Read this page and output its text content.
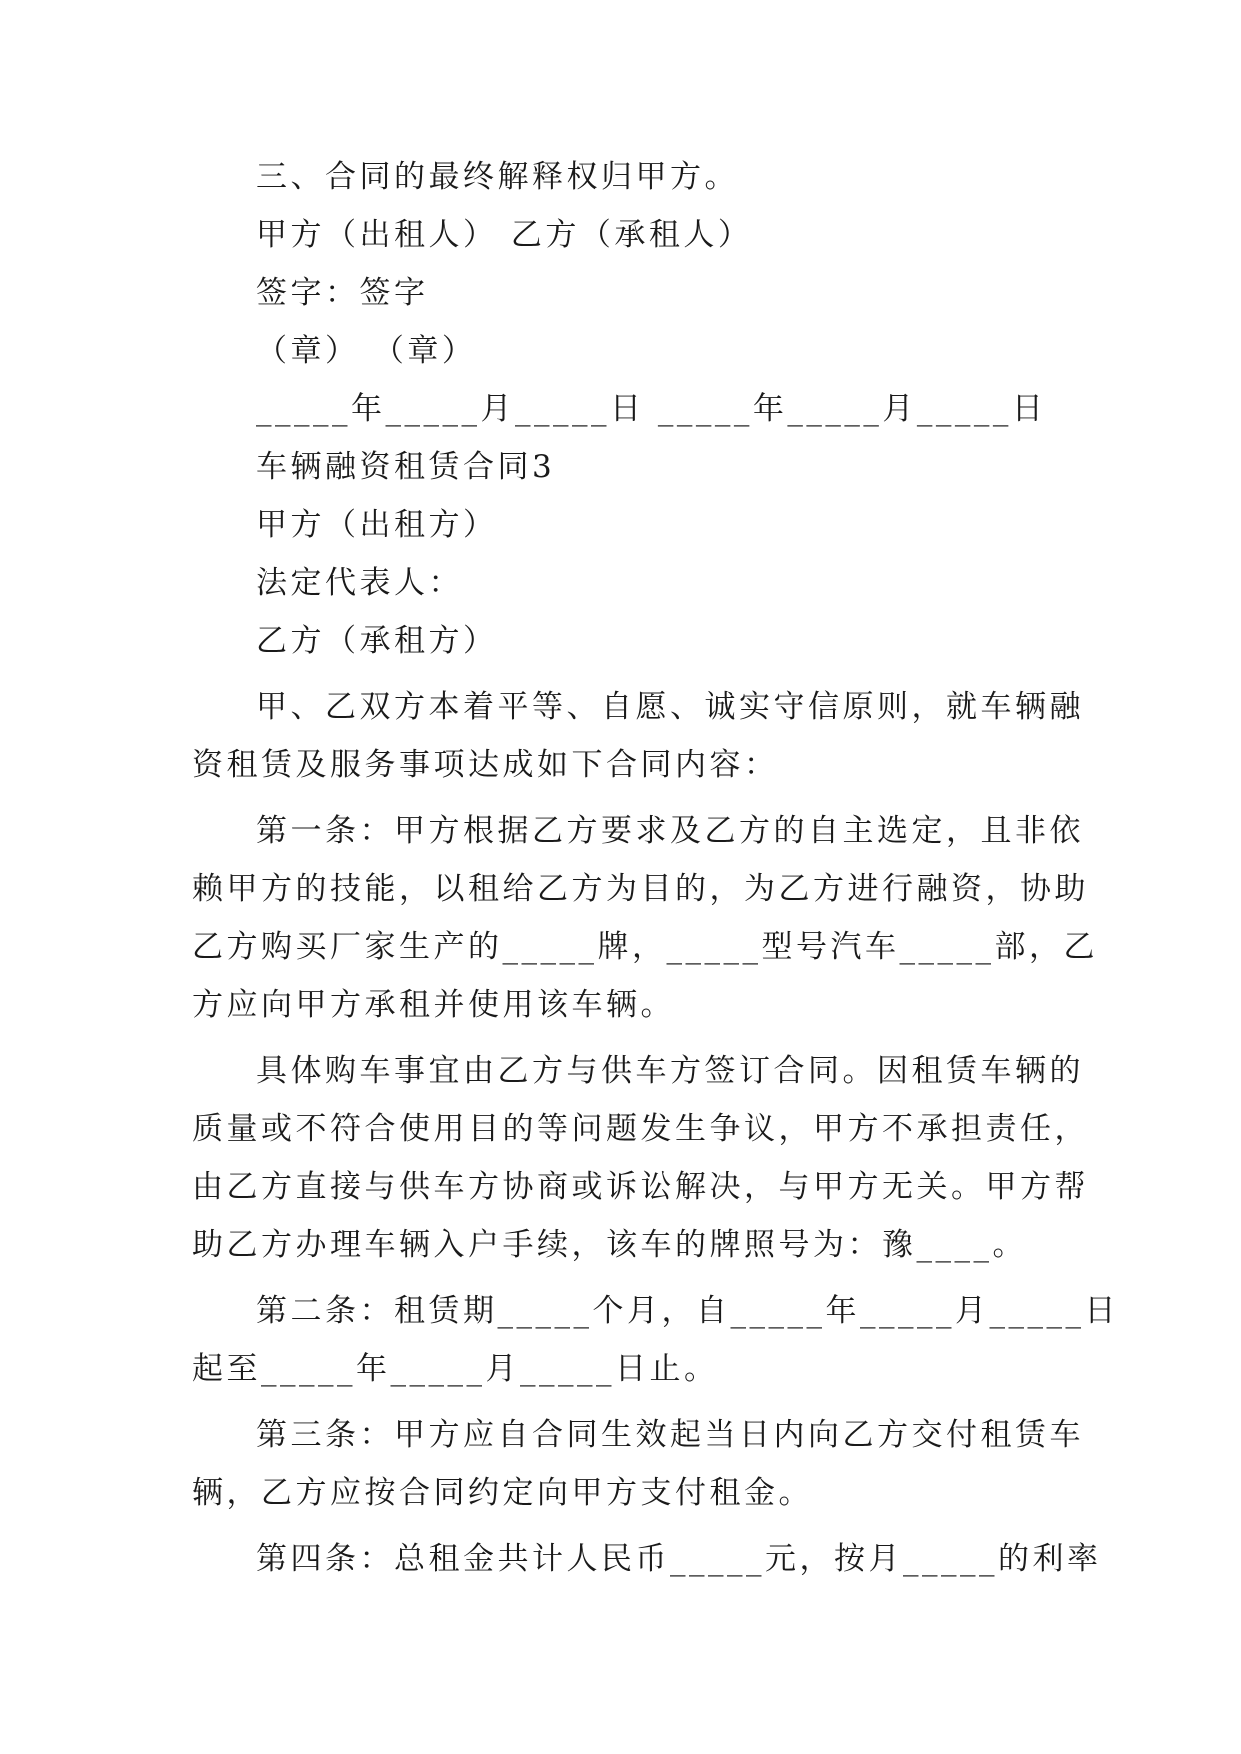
三、合同的最终解释权归甲方。
甲方（出租人） 乙方（承租人）
签字：签字
（章） （章）
_____年_____月_____日 _____年_____月_____日
车辆融资租赁合同3
甲方（出租方）
法定代表人：
乙方（承租方）
甲、乙双方本着平等、自愿、诚实守信原则，就车辆融
资租赁及服务事项达成如下合同内容：
第一条：甲方根据乙方要求及乙方的自主选定，且非依
赖甲方的技能，以租给乙方为目的，为乙方进行融资，协助
乙方购买厂家生产的_____牌，_____型号汽车_____部，乙
方应向甲方承租并使用该车辆。
具体购车事宜由乙方与供车方签订合同。因租赁车辆的
质量或不符合使用目的等问题发生争议，甲方不承担责任，
由乙方直接与供车方协商或诉讼解决，与甲方无关。甲方帮
助乙方办理车辆入户手续，该车的牌照号为：豫____。
第二条：租赁期_____个月，自_____年_____月_____日
起至_____年_____月_____日止。
第三条：甲方应自合同生效起当日内向乙方交付租赁车
辆，乙方应按合同约定向甲方支付租金。
第四条：总租金共计人民币_____元，按月_____的利率
